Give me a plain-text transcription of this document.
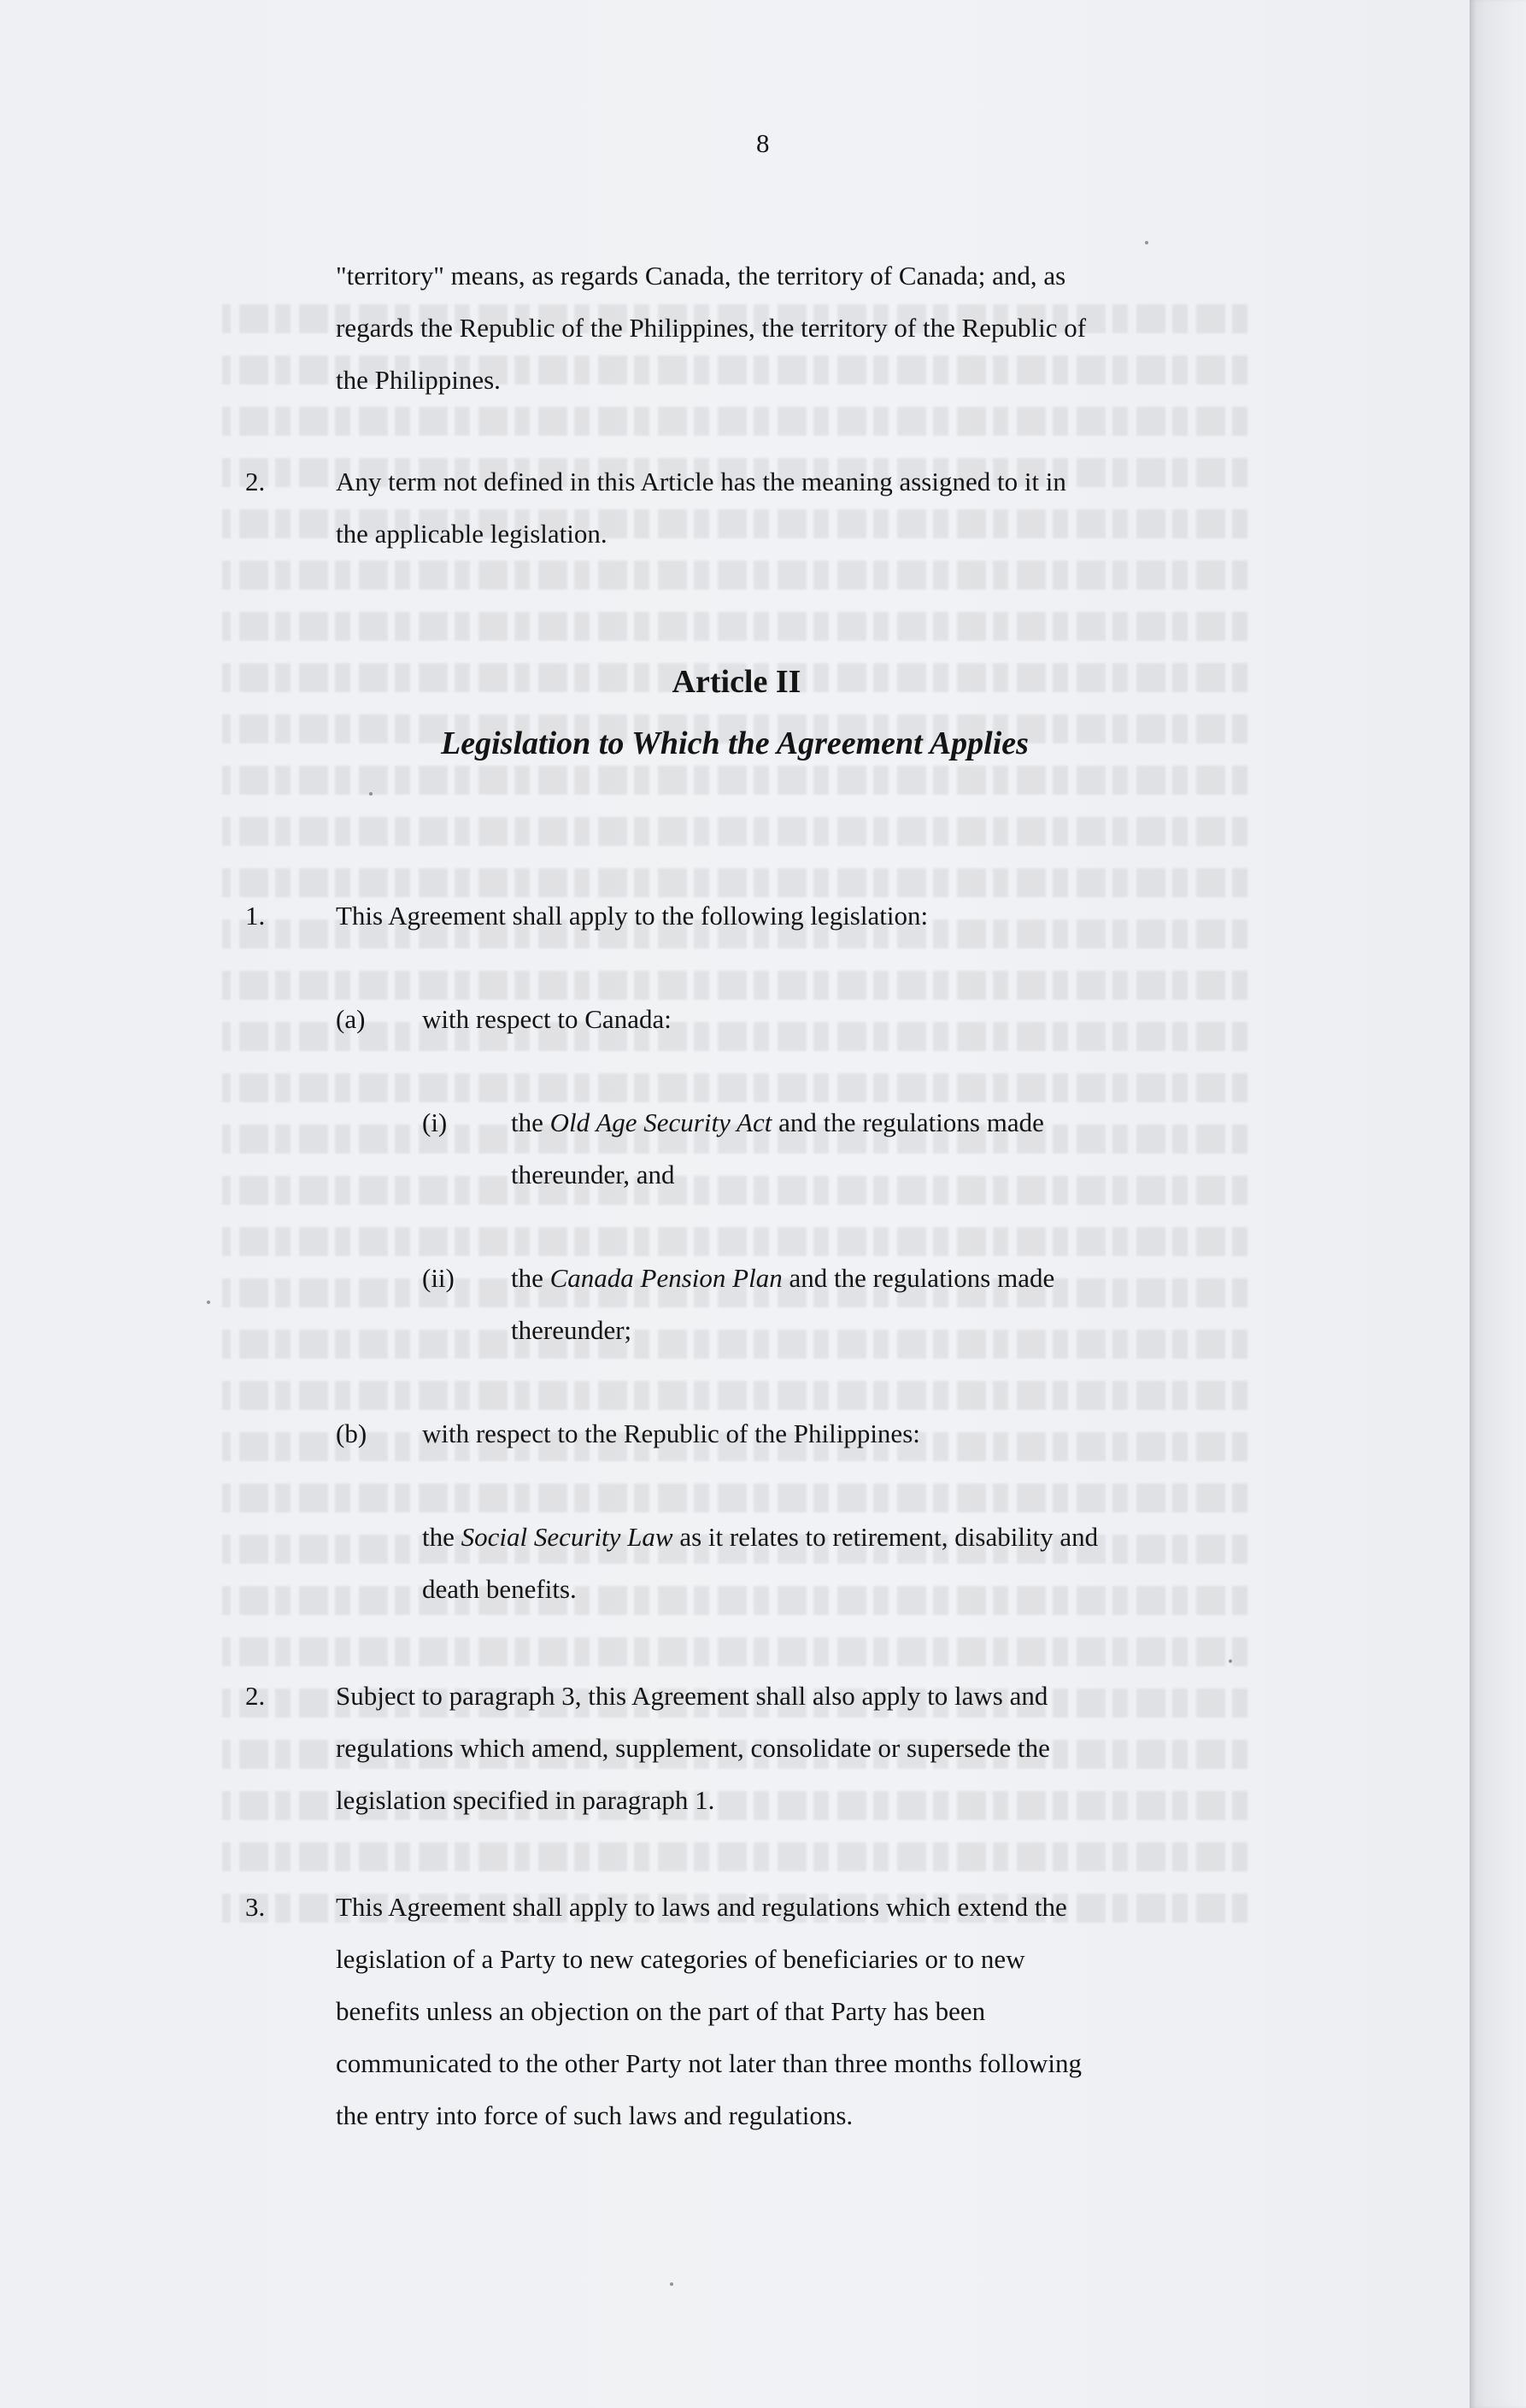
8
"territory" means, as regards Canada, the territory of Canada; and, as
regards the Republic of the Philippines, the territory of the Republic of
the Philippines.
2.	Any term not defined in this Article has the meaning assigned to it in
the applicable legislation.
Article II
Legislation to Which the Agreement Applies
1.	This Agreement shall apply to the following legislation:
(a) with respect to Canada:
(i) the Old Age Security Act and the regulations made
thereunder, and
(ii) the Canada Pension Plan and the regulations made
thereunder;
(b) with respect to the Republic of the Philippines:
the Social Security Law as it relates to retirement, disability and
death benefits.
2.	Subject to paragraph 3, this Agreement shall also apply to laws and
regulations which amend, supplement, consolidate or supersede the
legislation specified in paragraph 1.
3.	This Agreement shall apply to laws and regulations which extend the
legislation of a Party to new categories of beneficiaries or to new
benefits unless an objection on the part of that Party has been
communicated to the other Party not later than three months following
the entry into force of such laws and regulations.
